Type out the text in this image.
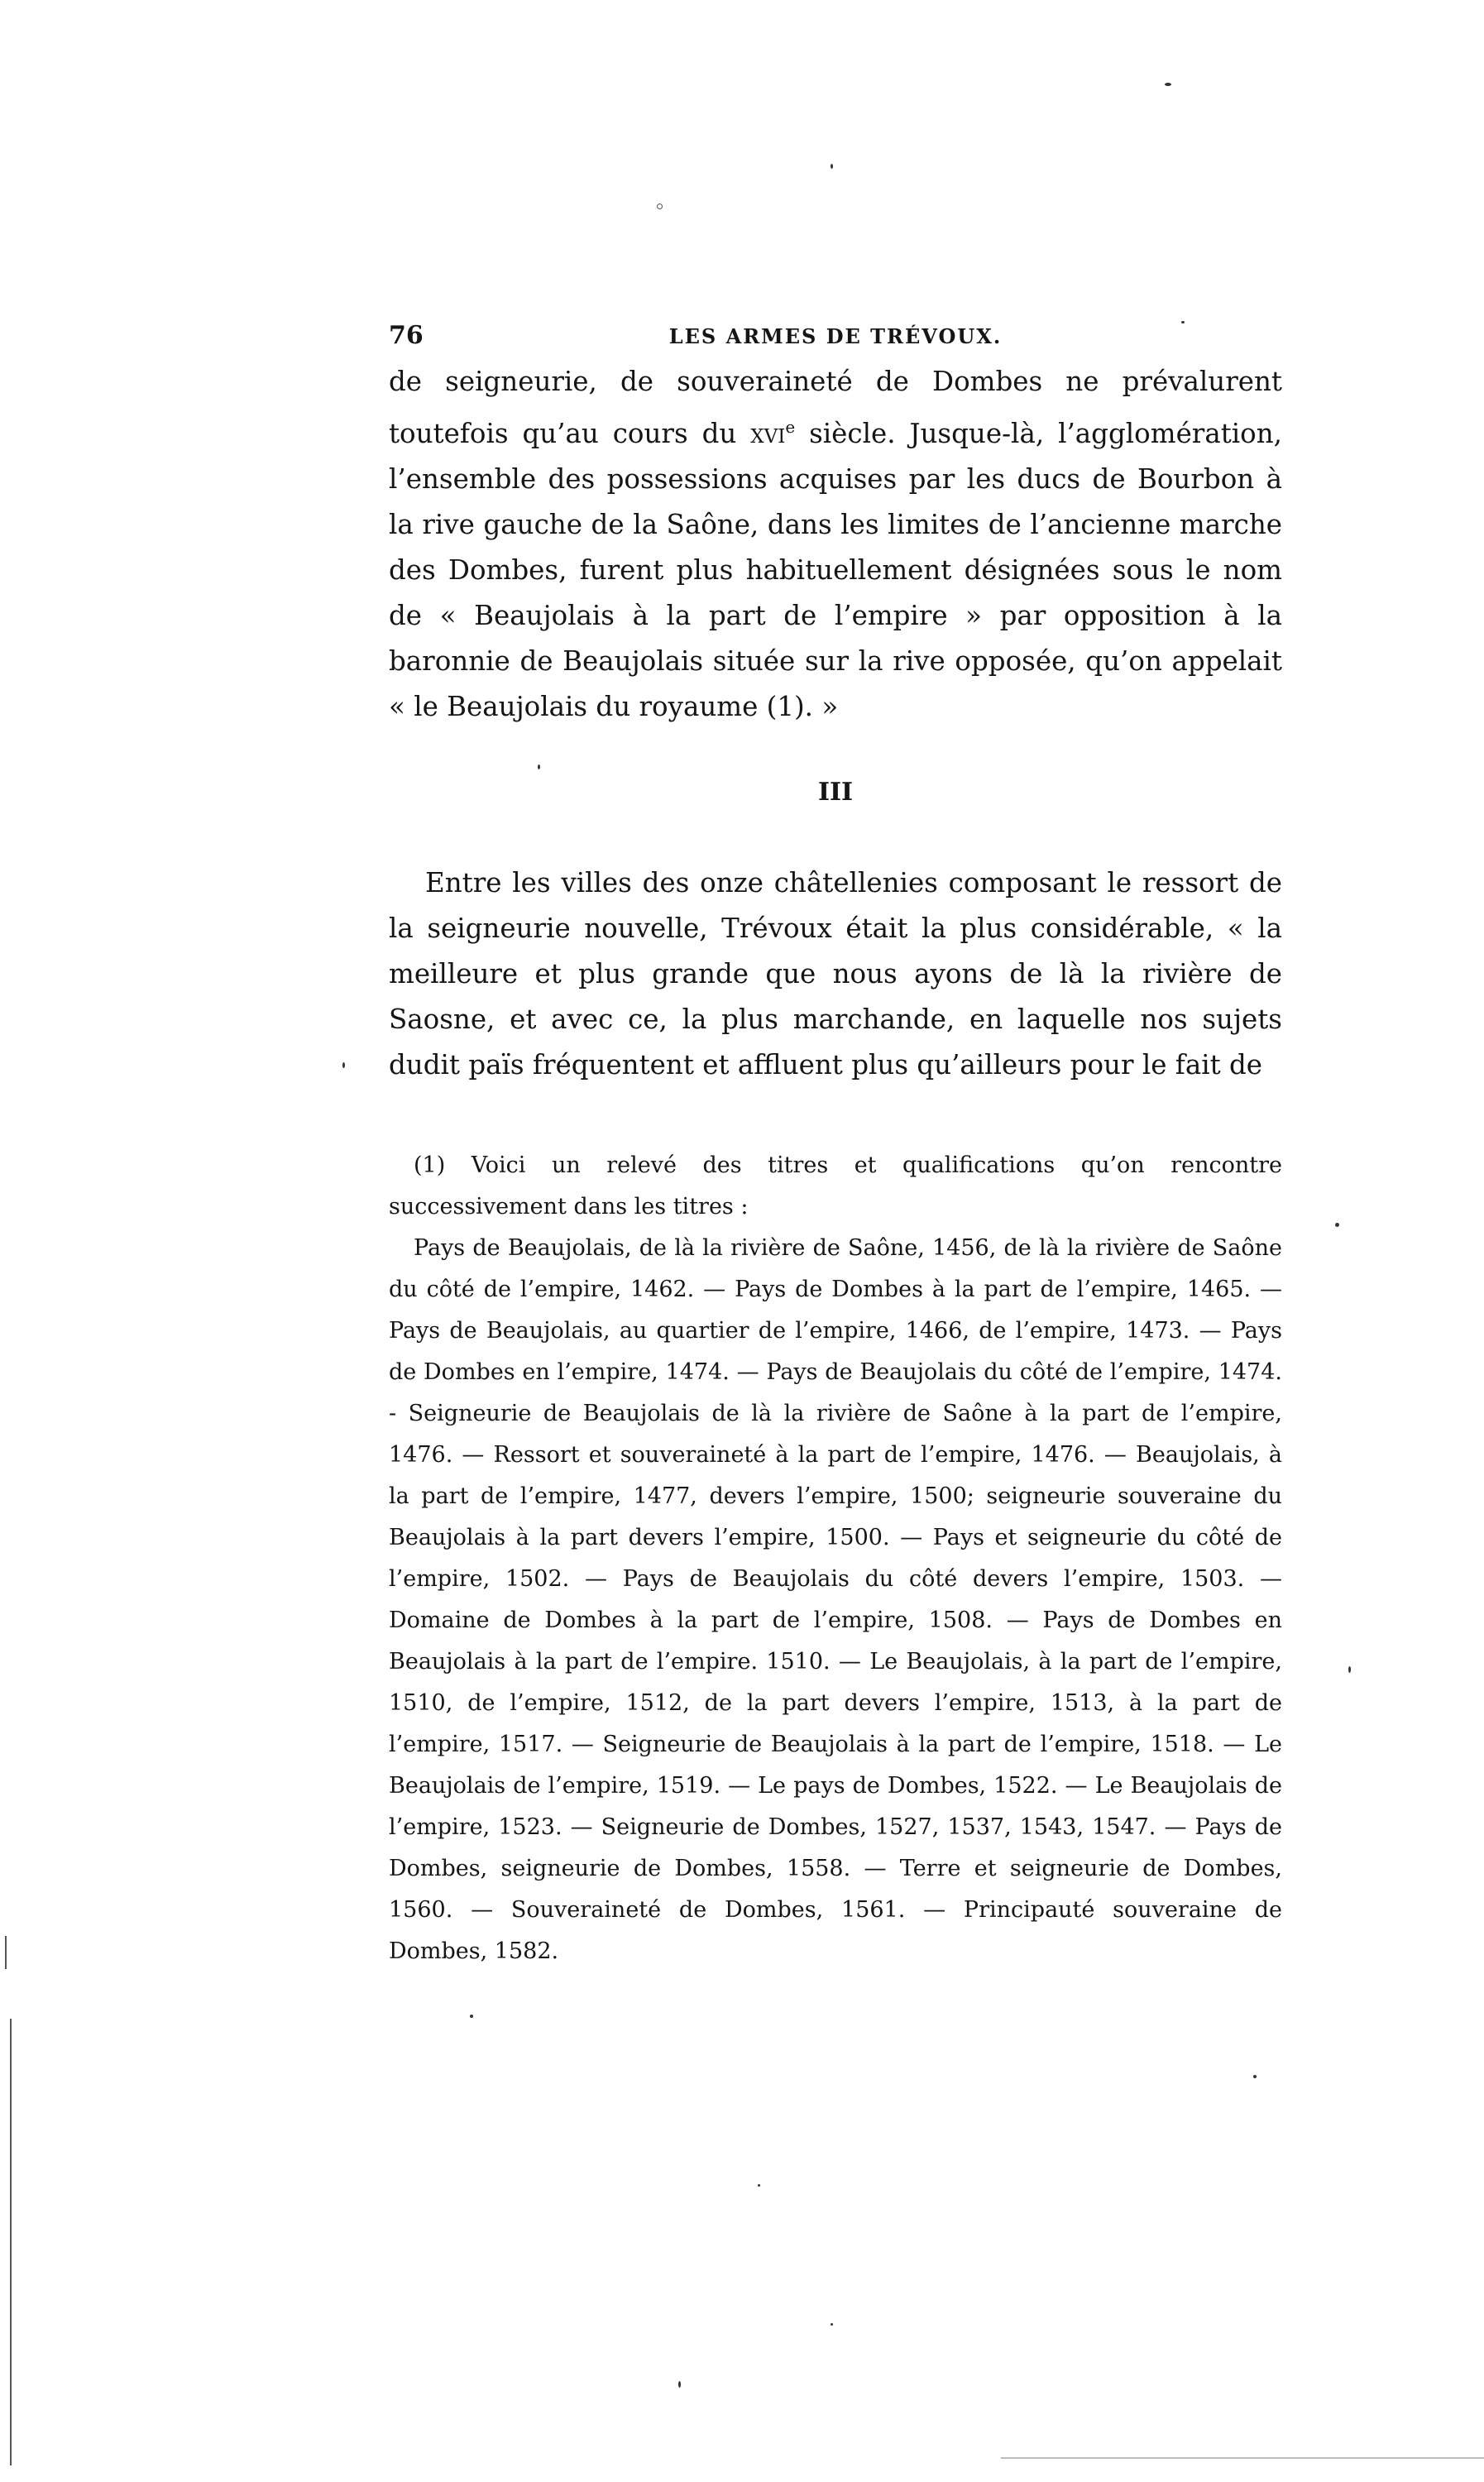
76	LES ARMES DE TRÉVOUX.
de seigneurie, de souveraineté de Dombes ne prévalurent toutefois qu’au cours du xvi$^e$ siècle. Jusque-là, l’agglomération, l’ensemble des possessions acquises par les ducs de Bourbon à la rive gauche de la Saône, dans les limites de l’ancienne marche des Dombes, furent plus habituellement désignées sous le nom de « Beaujolais à la part de l’empire » par opposition à la baronnie de Beaujolais située sur la rive opposée, qu’on appelait « le Beaujolais du royaume (1). »
III
Entre les villes des onze châtellenies composant le ressort de la seigneurie nouvelle, Trévoux était la plus considérable, « la meilleure et plus grande que nous ayons de là la rivière de Saosne, et avec ce, la plus marchande, en laquelle nos sujets dudit païs fréquentent et affluent plus qu’ailleurs pour le fait de
(1) Voici un relevé des titres et qualifications qu’on rencontre successivement dans les titres :
Pays de Beaujolais, de là la rivière de Saône, 1456, de là la rivière de Saône du côté de l’empire, 1462. — Pays de Dombes à la part de l’empire, 1465. — Pays de Beaujolais, au quartier de l’empire, 1466, de l’empire, 1473. — Pays de Dombes en l’empire, 1474. — Pays de Beaujolais du côté de l’empire, 1474. - Seigneurie de Beaujolais de là la rivière de Saône à la part de l’empire, 1476. — Ressort et souveraineté à la part de l’empire, 1476. — Beaujolais, à la part de l’empire, 1477, devers l’empire, 1500; seigneurie souveraine du Beaujolais à la part devers l’empire, 1500. — Pays et seigneurie du côté de l’empire, 1502. — Pays de Beaujolais du côté devers l’empire, 1503. — Domaine de Dombes à la part de l’empire, 1508. — Pays de Dombes en Beaujolais à la part de l’empire. 1510. — Le Beaujolais, à la part de l’empire, 1510, de l’empire, 1512, de la part devers l’empire, 1513, à la part de l’empire, 1517. — Seigneurie de Beaujolais à la part de l’empire, 1518. — Le Beaujolais de l’empire, 1519. — Le pays de Dombes, 1522. — Le Beaujolais de l’empire, 1523. — Seigneurie de Dombes, 1527, 1537, 1543, 1547. — Pays de Dombes, seigneurie de Dombes, 1558. — Terre et seigneurie de Dombes, 1560. — Souveraineté de Dombes, 1561. — Principauté souveraine de Dombes, 1582.
